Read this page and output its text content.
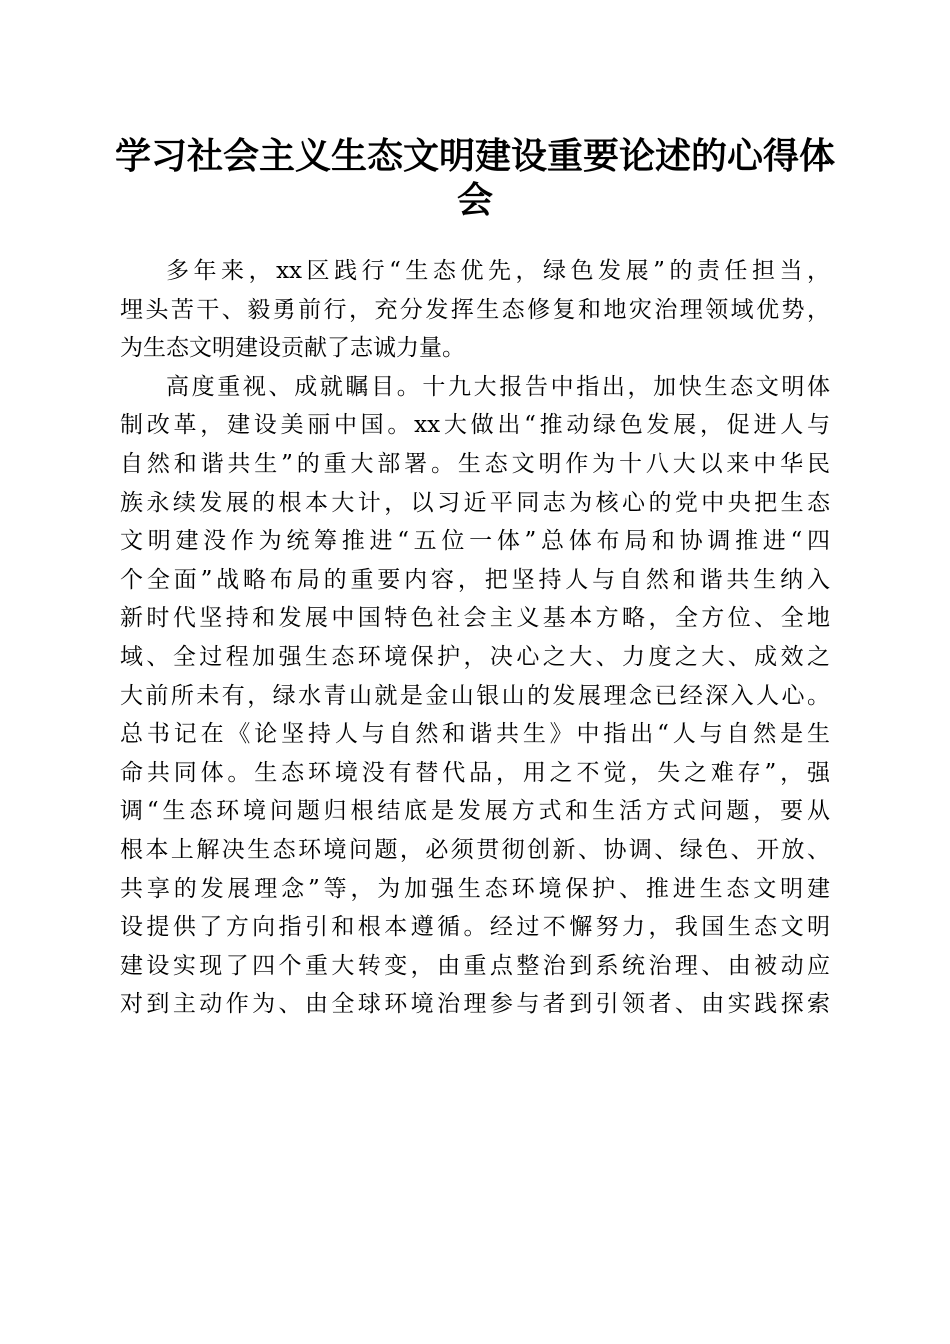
学习社会主义生态文明建设重要论述的心得体
会
多年来，xx区践行“生态优先，绿色发展”的责任担当，
埋头苦干、毅勇前行，充分发挥生态修复和地灾治理领域优势，
为生态文明建设贡献了志诚力量。
高度重视、成就瞩目。十九大报告中指出，加快生态文明体
制改革，建设美丽中国。xx大做出“推动绿色发展，促进人与
自然和谐共生”的重大部署。生态文明作为十八大以来中华民
族永续发展的根本大计，以习近平同志为核心的党中央把生态
文明建没作为统筹推进“五位一体”总体布局和协调推进“四
个全面”战略布局的重要内容，把坚持人与自然和谐共生纳入
新时代坚持和发展中国特色社会主义基本方略，全方位、全地
域、全过程加强生态环境保护，决心之大、力度之大、成效之
大前所未有，绿水青山就是金山银山的发展理念已经深入人心。
总书记在《论坚持人与自然和谐共生》中指出“人与自然是生
命共同体。生态环境没有替代品，用之不觉，失之难存”，强
调“生态环境问题归根结底是发展方式和生活方式问题，要从
根本上解决生态环境问题，必须贯彻创新、协调、绿色、开放、
共享的发展理念”等，为加强生态环境保护、推进生态文明建
设提供了方向指引和根本遵循。经过不懈努力，我国生态文明
建设实现了四个重大转变，由重点整治到系统治理、由被动应
对到主动作为、由全球环境治理参与者到引领者、由实践探索
